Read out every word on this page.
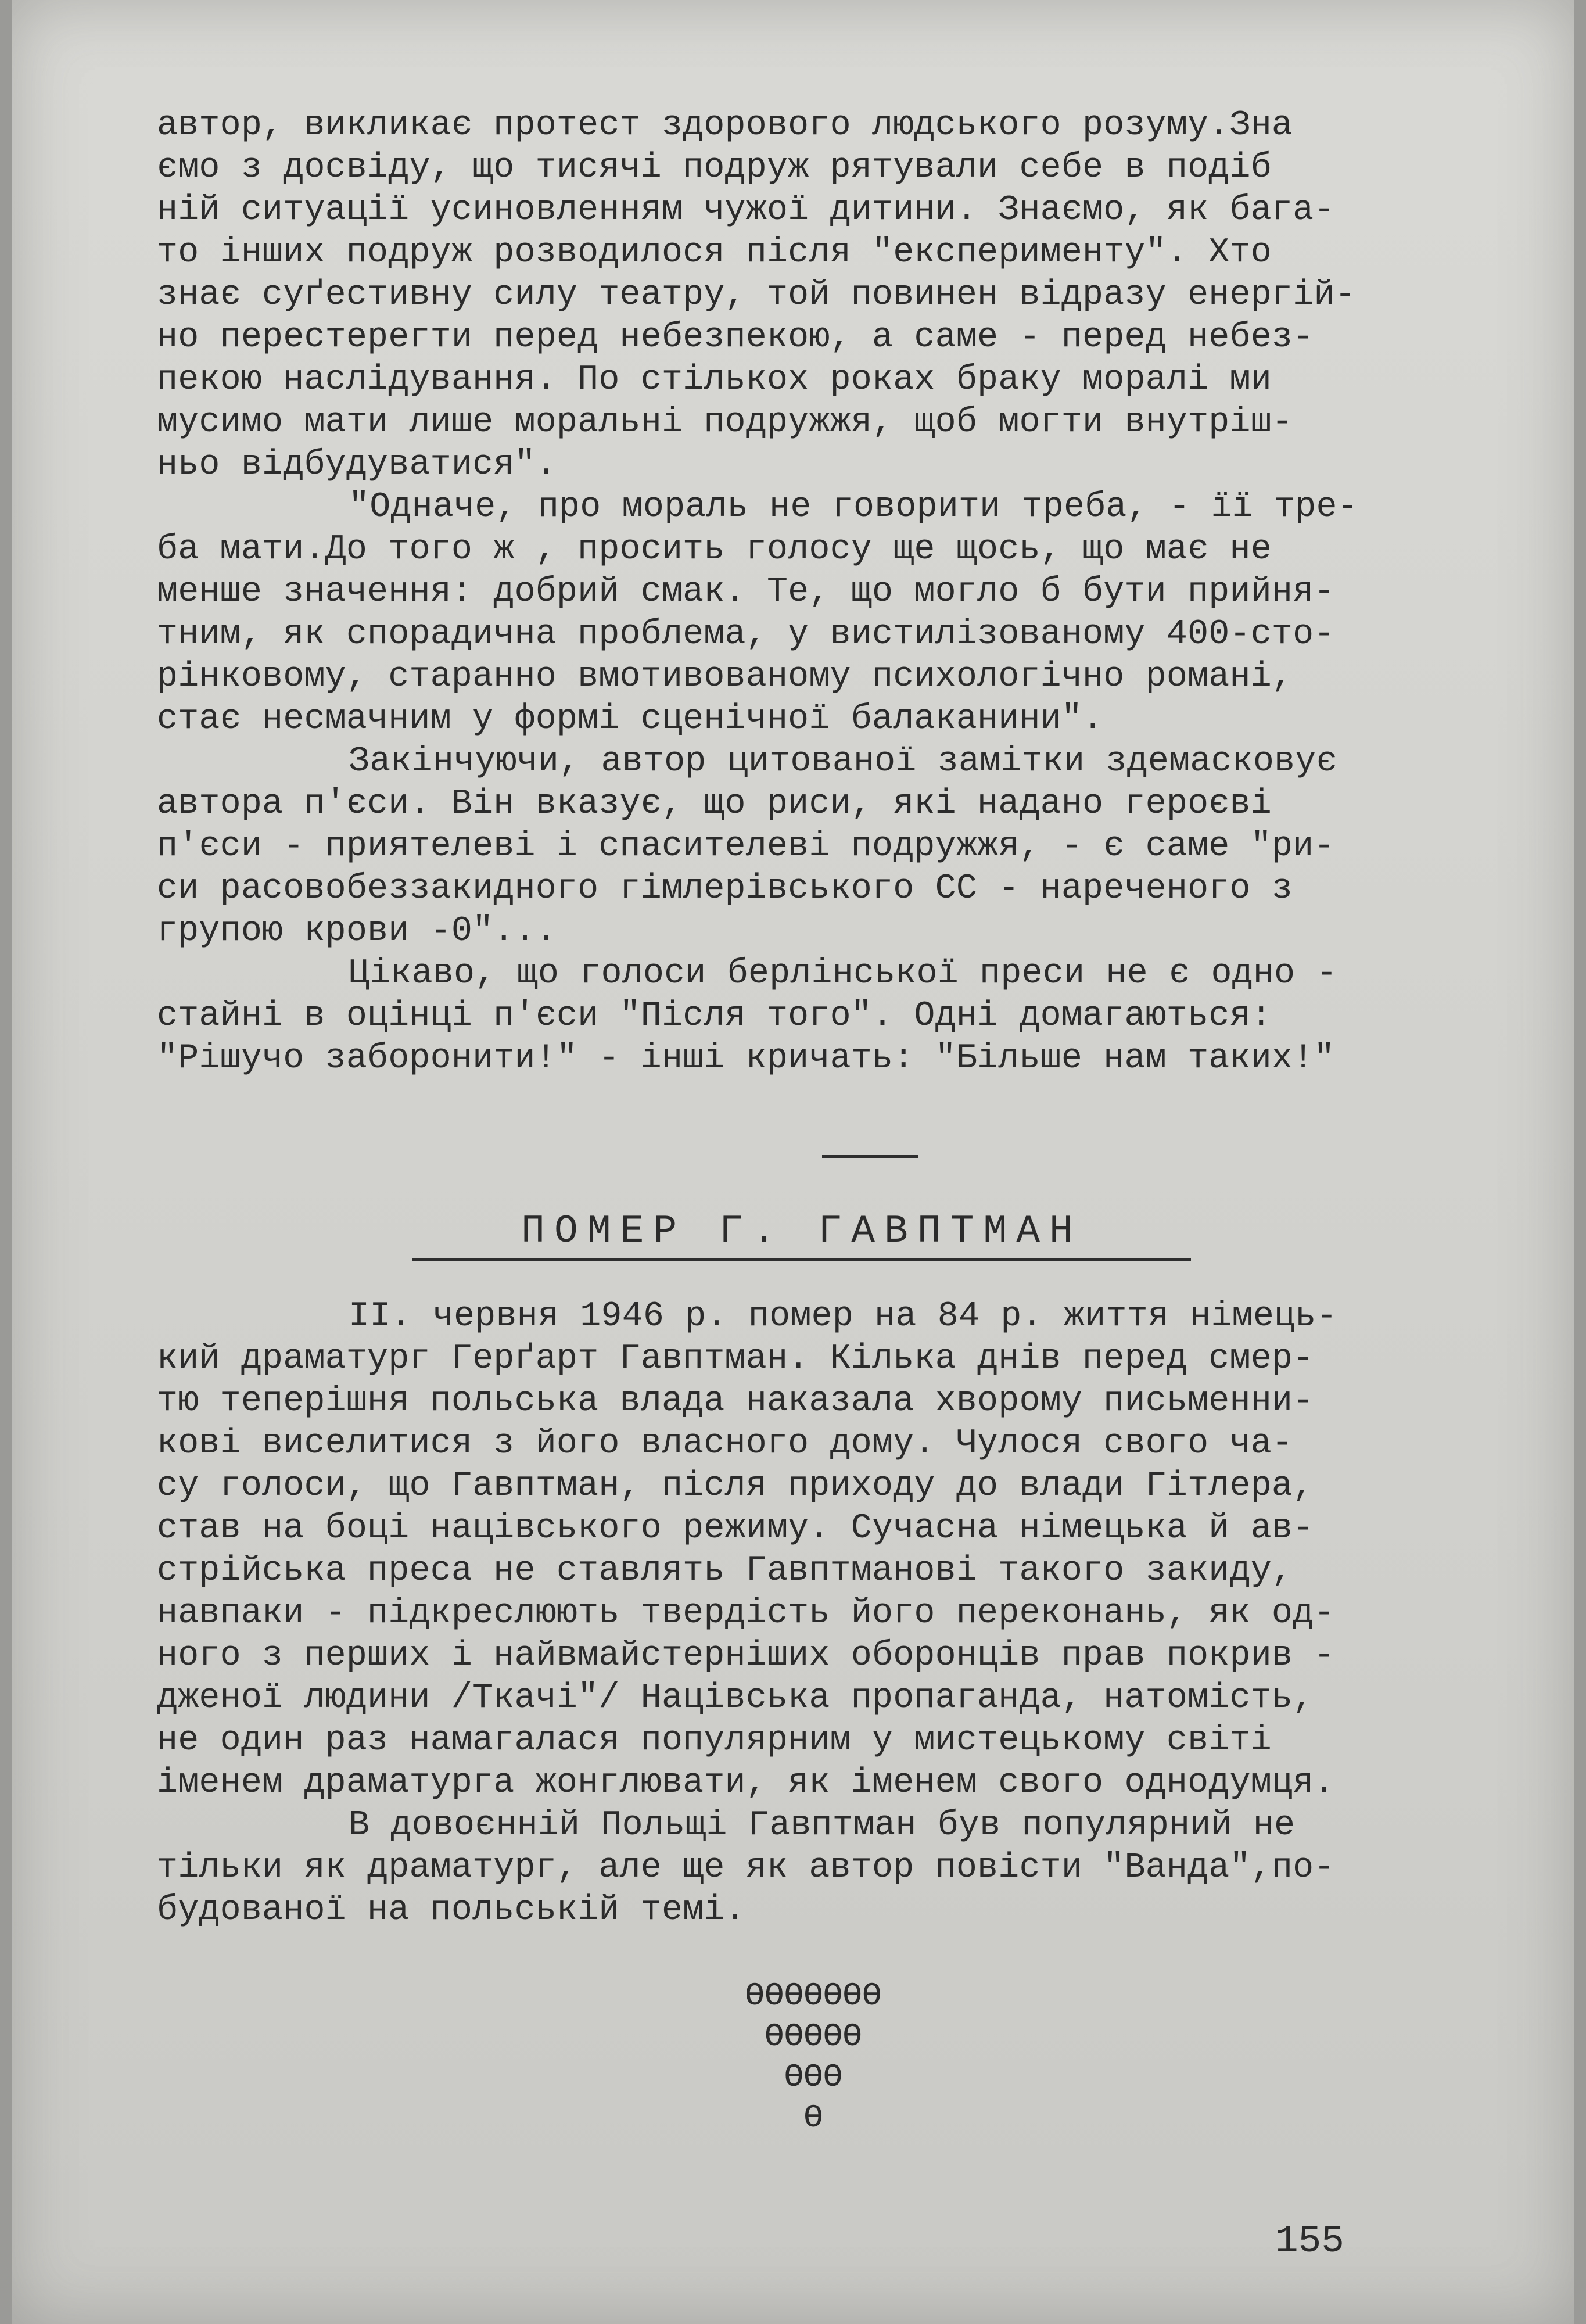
автор, викликає протест здорового людського розуму.Зна
ємо з досвіду, що тисячі подруж рятували себе в подіб
ній ситуації усиновленням чужої дитини. Знаємо, як бага-
то інших подруж розводилося після "експерименту". Хто
знає суґестивну силу театру, той повинен відразу енергій-
но перестерегти перед небезпекою, а саме - перед небез-
пекою наслідування. По стількох роках браку моралі ми
мусимо мати лише моральні подружжя, щоб могти внутріш-
ньо відбудуватися".
"Одначе, про мораль не говорити треба, - її тре-
ба мати.До того ж , просить голосу ще щось, що має не
менше значення: добрий смак. Те, що могло б бути прийня-
тним, як спорадична проблема, у вистилізованому 400-сто-
рінковому, старанно вмотивованому психологічно романі,
стає несмачним у формі сценічної балаканини".
Закінчуючи, автор цитованої замітки здемасковує
автора п'єси. Він вказує, що риси, які надано героєві
п'єси - приятелеві і спасителеві подружжя, - є саме "ри-
си расовобеззакидного гімлерівського СС - нареченого з
групою крови -0"...
Цікаво, що голоси берлінської преси не є одно -
стайні в оцінці п'єси "Після того". Одні домагаються:
"Рішучо заборонити!" - інші кричать: "Більше нам таких!"
ПОМЕР Г. ГАВПТМАН
II. червня 1946 р. помер на 84 р. життя німець-
кий драматург Герґарт Гавптман. Кілька днів перед смер-
тю теперішня польська влада наказала хворому письменни-
кові виселитися з його власного дому. Чулося свого ча-
су голоси, що Гавптман, після приходу до влади Гітлера,
став на боці націвського режиму. Сучасна німецька й ав-
стрійська преса не ставлять Гавптманові такого закиду,
навпаки - підкреслюють твердість його переконань, як од-
ного з перших і найвмайстерніших оборонців прав покрив -
дженої людини /Ткачі"/ Націвська пропаганда, натомість,
не один раз намагалася популярним у мистецькому світі
іменем драматурга жонглювати, як іменем свого однодумця.
В довоєнній Польщі Гавптман був популярний не
тільки як драматург, але ще як автор повісти "Ванда",по-
будованої на польській темі.
ӨӨӨӨӨӨӨ
ӨӨӨӨӨ
ӨӨӨ
Ө
155
